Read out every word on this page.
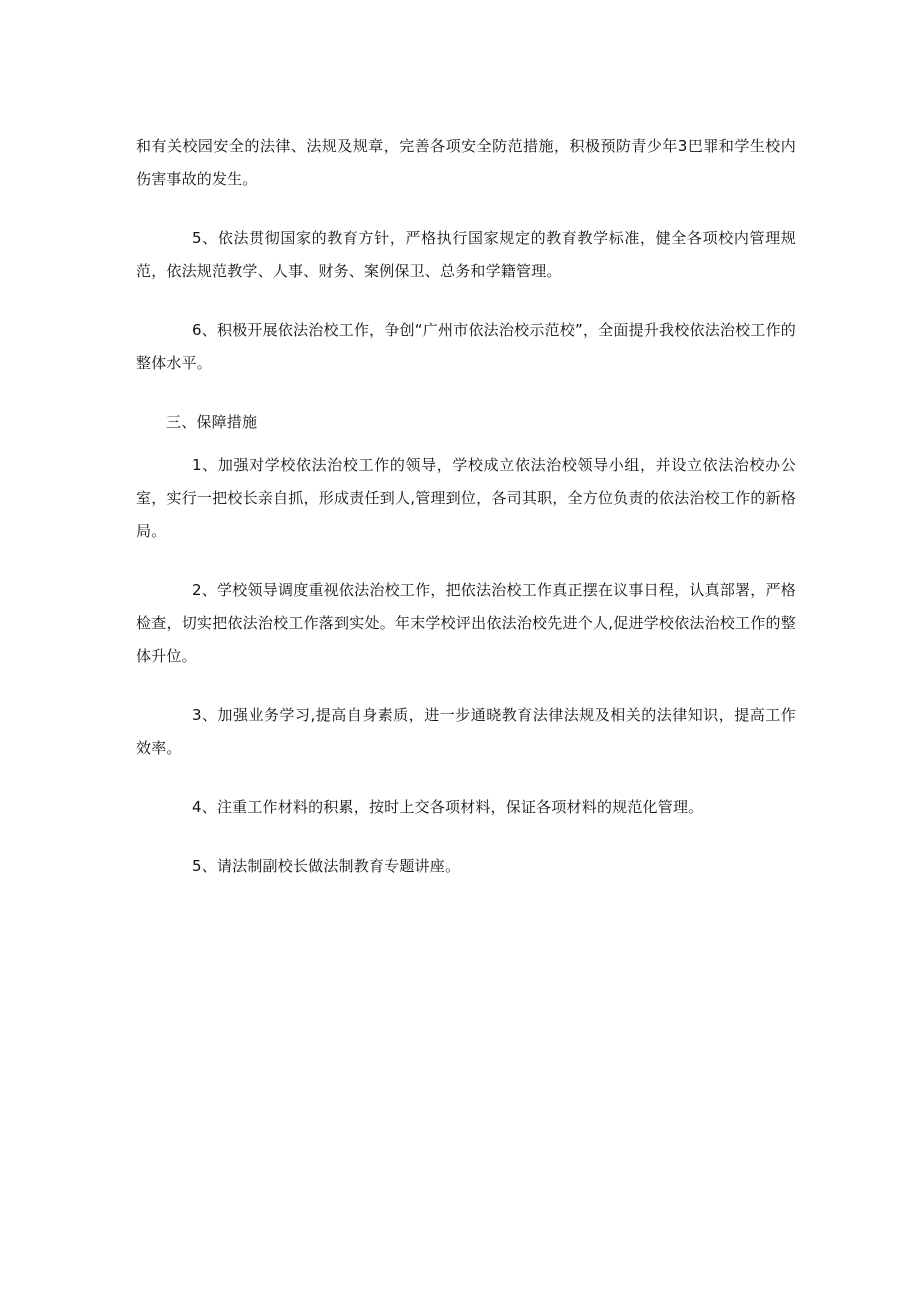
和有关校园安全的法律、法规及规章，完善各项安全防范措施，积极预防青少年3巴罪和学生校内伤害事故的发生。

5、依法贯彻国家的教育方针，严格执行国家规定的教育教学标准，健全各项校内管理规范，依法规范教学、人事、财务、案例保卫、总务和学籍管理。

6、积极开展依法治校工作，争创“广州市依法治校示范校”，全面提升我校依法治校工作的整体水平。

三、保障措施

1、加强对学校依法治校工作的领导，学校成立依法治校领导小组，并设立依法治校办公室，实行一把校长亲自抓，形成责任到人,管理到位，各司其职，全方位负责的依法治校工作的新格局。

2、学校领导调度重视依法治校工作，把依法治校工作真正摆在议事日程，认真部署，严格检查，切实把依法治校工作落到实处。年末学校评出依法治校先进个人,促进学校依法治校工作的整体升位。

3、加强业务学习,提高自身素质，进一步通晓教育法律法规及相关的法律知识，提高工作效率。

4、注重工作材料的积累，按时上交各项材料，保证各项材料的规范化管理。

5、请法制副校长做法制教育专题讲座。
